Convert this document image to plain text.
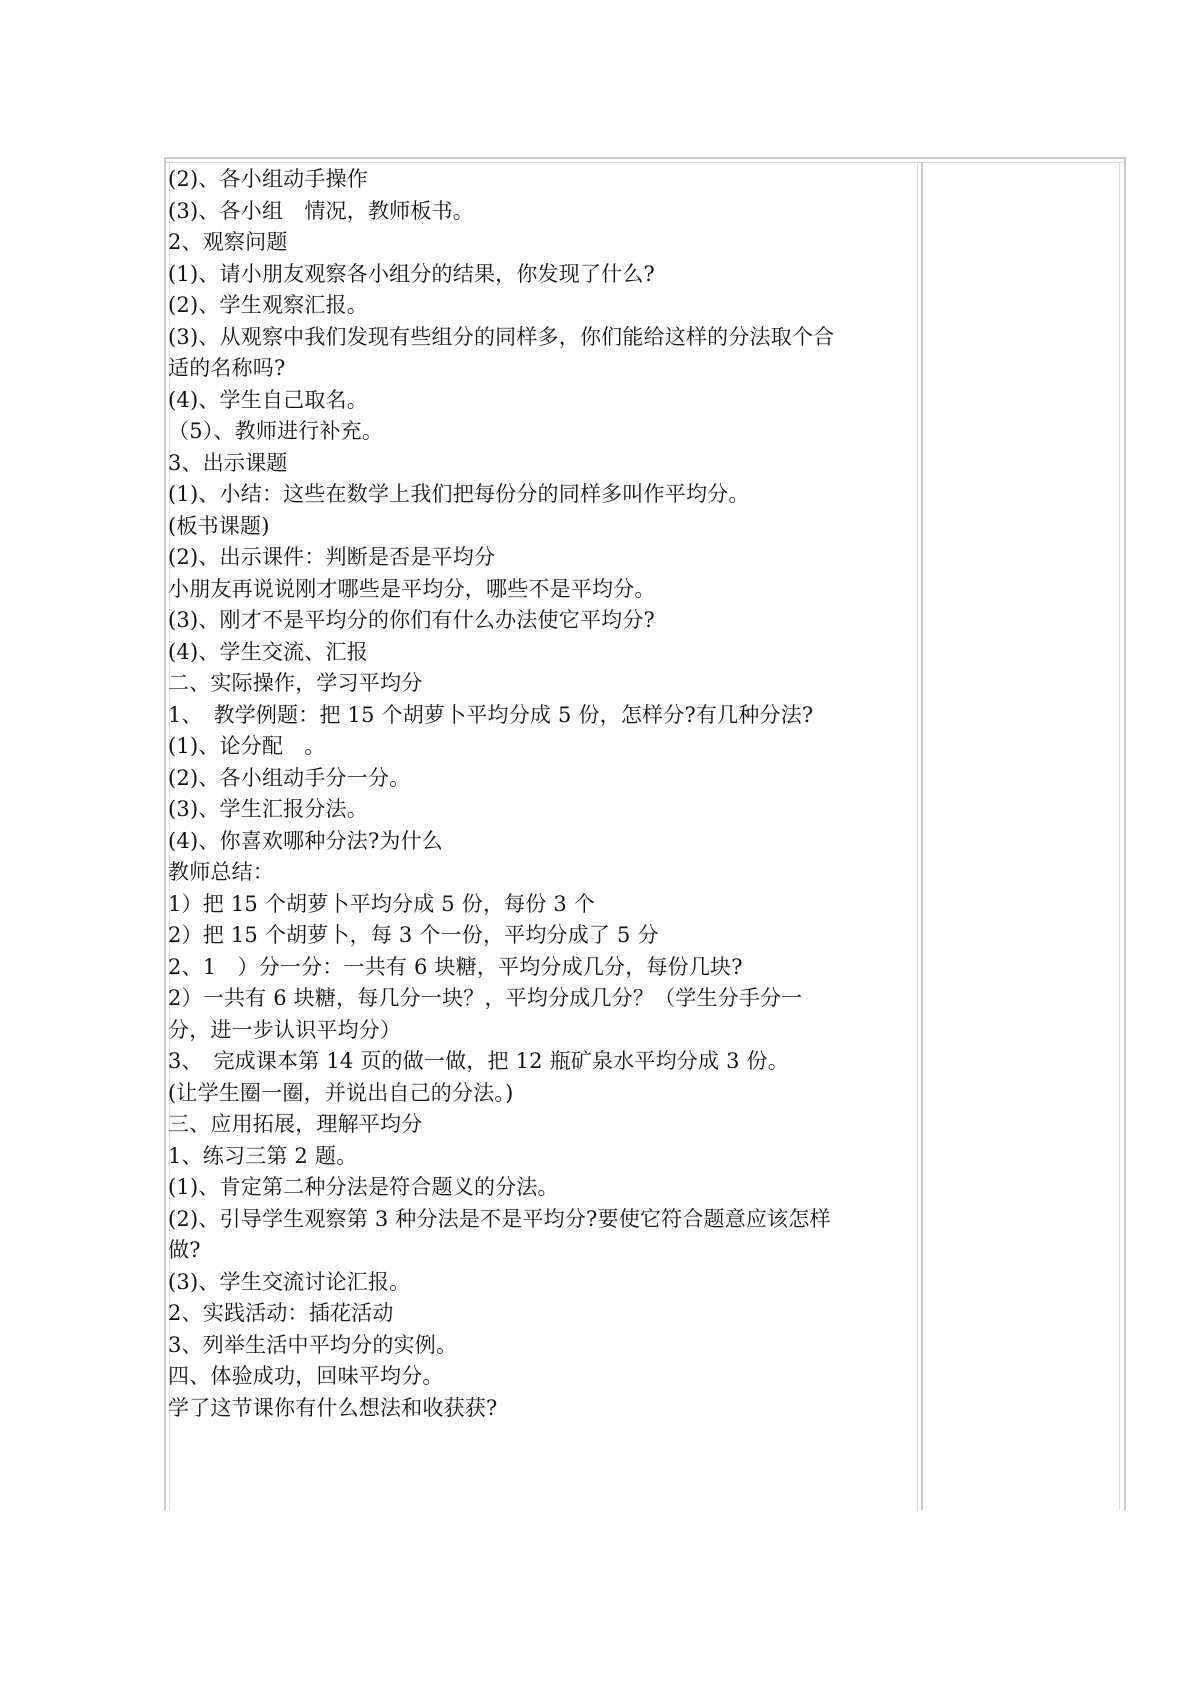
(2)、各小组动手操作
(3)、各小组　情况，教师板书。
2、观察问题
(1)、请小朋友观察各小组分的结果，你发现了什么?
(2)、学生观察汇报。
(3)、从观察中我们发现有些组分的同样多，你们能给这样的分法取个合
适的名称吗?
(4)、学生自己取名。
（5）、教师进行补充。
3、出示课题
(1)、小结：这些在数学上我们把每份分的同样多叫作平均分。
(板书课题)
(2)、出示课件：判断是否是平均分
小朋友再说说刚才哪些是平均分，哪些不是平均分。
(3)、刚才不是平均分的你们有什么办法使它平均分?
(4)、学生交流、汇报
二、实际操作，学习平均分
1、　教学例题：把 15 个胡萝卜平均分成 5 份，怎样分?有几种分法?
(1)、论分配　。
(2)、各小组动手分一分。
(3)、学生汇报分法。
(4)、你喜欢哪种分法?为什么
教师总结：
1）把 15 个胡萝卜平均分成 5 份，每份 3 个
2）把 15 个胡萝卜，每 3 个一份，平均分成了 5 分
2、1　）分一分：一共有 6 块糖，平均分成几分，每份几块?
2）一共有 6 块糖，每几分一块？，平均分成几分？（学生分手分一
分，进一步认识平均分）
3、　完成课本第 14 页的做一做，把 12 瓶矿泉水平均分成 3 份。
(让学生圈一圈，并说出自己的分法。)
三、应用拓展，理解平均分
1、练习三第 2 题。
(1)、肯定第二种分法是符合题义的分法。
(2)、引导学生观察第 3 种分法是不是平均分?要使它符合题意应该怎样
做?
(3)、学生交流讨论汇报。
2、实践活动：插花活动
3、列举生活中平均分的实例。
四、体验成功，回味平均分。
学了这节课你有什么想法和收获获?
